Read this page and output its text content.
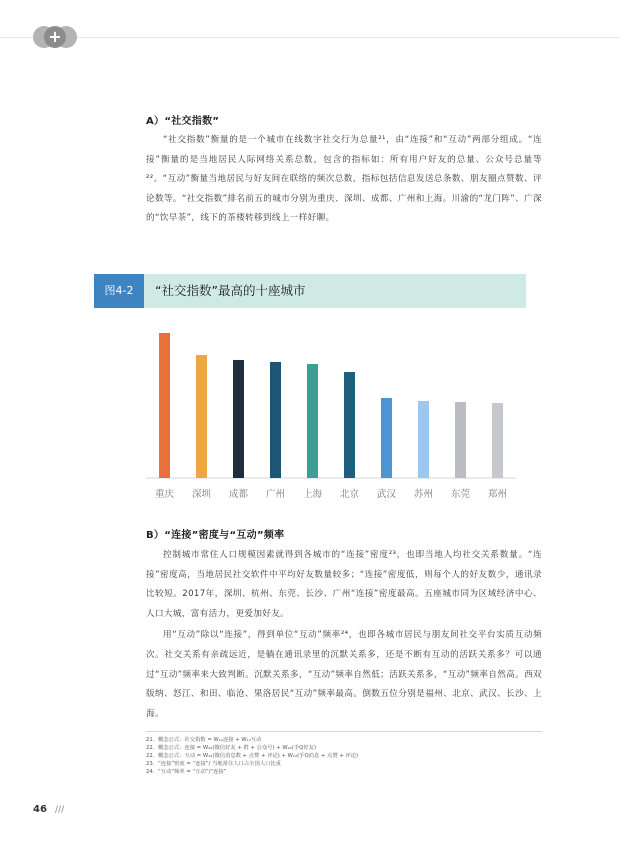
+
A）“社交指数”

“社交指数”衡量的是一个城市在线数字社交行为总量²¹，由“连接”和“互动”两部分组成。“连接”衡量的是当地居民人际网络关系总数，包含的指标如：所有用户好友的总量、公众号总量等²²。“互动”衡量当地居民与好友间在联络的频次总数，指标包括信息发送总条数、朋友圈点赞数、评论数等。“社交指数”排名前五的城市分别为重庆、深圳、成都、广州和上海。川渝的“龙门阵”、广深的“饮早茶”，线下的茶楼转移到线上一样好聊。

图4-2	“社交指数”最高的十座城市
重庆	深圳	成都	广州	上海	北京	武汉	苏州	东莞	郑州
B）“连接”密度与“互动”频率

控制城市常住人口规模因素就得到各城市的“连接”密度²³，也即当地人均社交关系数量。“连接”密度高，当地居民社交软件中平均好友数量较多；“连接”密度低，则每个人的好友数少，通讯录比较短。2017年，深圳、杭州、东莞、长沙、广州“连接”密度最高。五座城市同为区域经济中心、人口大城，富有活力，更爱加好友。

用“互动”除以“连接”，得到单位“互动”频率²⁴，也即各城市居民与朋友间社交平台实质互动频次。社交关系有亲疏远近，是躺在通讯录里的沉默关系多，还是不断有互动的活跃关系多？可以通过“互动”频率来大致判断。沉默关系多，“互动”频率自然低；活跃关系多，“互动”频率自然高。西双版纳、怒江、和田、临沧、果洛居民“互动”频率最高。倒数五位分别是福州、北京、武汉、长沙、上海。

21．概念公式：社交指数 = W₁₂连接 + W₁₃互动
22．概念公式：连接 = W₂₂(微信好友 + 群 + 公众号) + W₂₂(手Q好友)
22．概念公式：互动 = W₁₂(微信消息数 + 点赞 + 评论) + W₁₂(手Q消息 + 点赞 + 评论)
23．“连接”密度 = “连接”/ 当地常住人口占全国人口比重
24．“互动”频率 = “互动”/“连接”
46 ///
